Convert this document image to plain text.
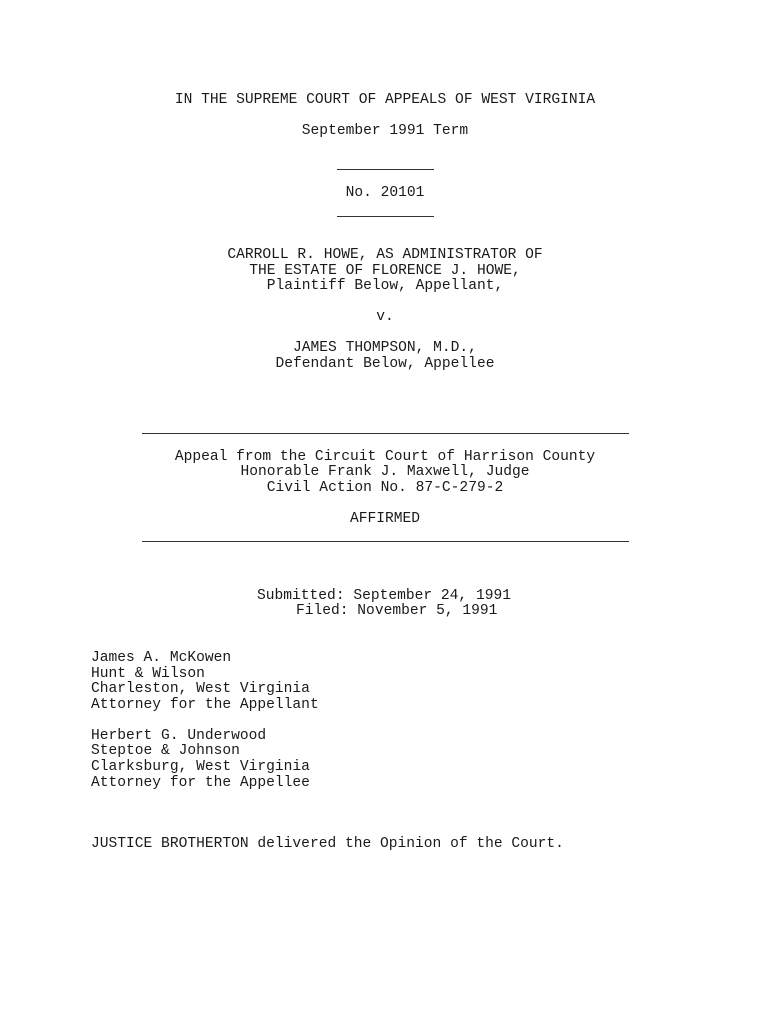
IN THE SUPREME COURT OF APPEALS OF WEST VIRGINIA
September 1991 Term
No. 20101
CARROLL R. HOWE, AS ADMINISTRATOR OF
THE ESTATE OF FLORENCE J. HOWE,
Plaintiff Below, Appellant,
v.
JAMES THOMPSON, M.D.,
Defendant Below, Appellee
Appeal from the Circuit Court of Harrison County
Honorable Frank J. Maxwell, Judge
Civil Action No. 87-C-279-2
AFFIRMED
Submitted: September 24, 1991
Filed: November 5, 1991
James A. McKowen
Hunt & Wilson
Charleston, West Virginia
Attorney for the Appellant
Herbert G. Underwood
Steptoe & Johnson
Clarksburg, West Virginia
Attorney for the Appellee
JUSTICE BROTHERTON delivered the Opinion of the Court.
